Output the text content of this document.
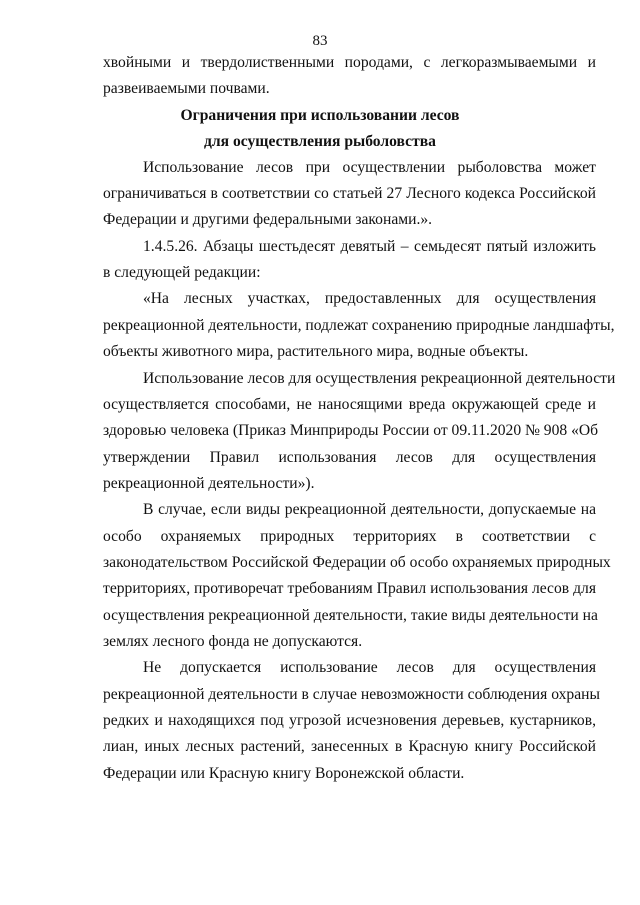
83
хвойными и твердолиственными породами, с легкоразмываемыми и
развеиваемыми почвами.
Ограничения при использовании лесов
для осуществления рыболовства
Использование лесов при осуществлении рыболовства может
ограничиваться в соответствии со статьей 27 Лесного кодекса Российской
Федерации и другими федеральными законами.».
1.4.5.26. Абзацы шестьдесят девятый – семьдесят пятый изложить
в следующей редакции:
«На лесных участках, предоставленных для осуществления
рекреационной деятельности, подлежат сохранению природные ландшафты,
объекты животного мира, растительного мира, водные объекты.
Использование лесов для осуществления рекреационной деятельности
осуществляется способами, не наносящими вреда окружающей среде и
здоровью человека (Приказ Минприроды России от 09.11.2020 № 908 «Об
утверждении Правил использования лесов для осуществления
рекреационной деятельности»).
В случае, если виды рекреационной деятельности, допускаемые на
особо охраняемых природных территориях в соответствии с
законодательством Российской Федерации об особо охраняемых природных
территориях, противоречат требованиям Правил использования лесов для
осуществления рекреационной деятельности, такие виды деятельности на
землях лесного фонда не допускаются.
Не допускается использование лесов для осуществления
рекреационной деятельности в случае невозможности соблюдения охраны
редких и находящихся под угрозой исчезновения деревьев, кустарников,
лиан, иных лесных растений, занесенных в Красную книгу Российской
Федерации или Красную книгу Воронежской области.
